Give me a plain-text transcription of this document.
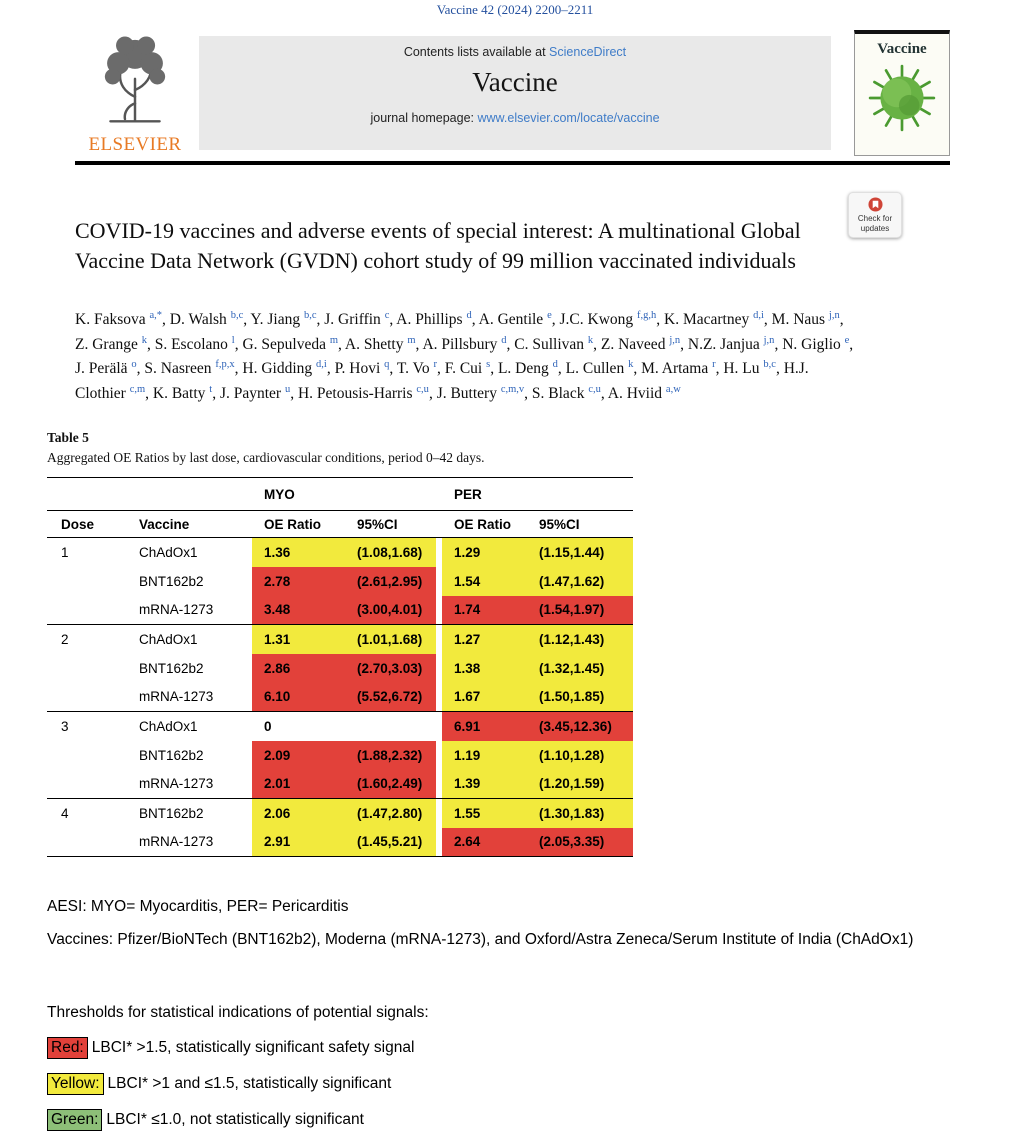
Vaccine 42 (2024) 2200–2211
ELSEVIER
Contents lists available at ScienceDirect
Vaccine
journal homepage: www.elsevier.com/locate/vaccine
Vaccine
Check for updates
COVID-19 vaccines and adverse events of special interest: A multinational Global Vaccine Data Network (GVDN) cohort study of 99 million vaccinated individuals

K. Faksova $^{a,*}$, D. Walsh $^{b,c}$, Y. Jiang $^{b,c}$, J. Griffin $^c$, A. Phillips $^d$, A. Gentile $^e$, J.C. Kwong $^{f,g,h}$, K. Macartney $^{d,i}$, M. Naus $^{j,n}$, Z. Grange $^k$, S. Escolano $^l$, G. Sepulveda $^m$, A. Shetty $^m$, A. Pillsbury $^d$, C. Sullivan $^k$, Z. Naveed $^{j,n}$, N.Z. Janjua $^{j,n}$, N. Giglio $^e$, J. Perälä $^o$, S. Nasreen $^{f,p,x}$, H. Gidding $^{d,i}$, P. Hovi $^q$, T. Vo $^r$, F. Cui $^s$, L. Deng $^d$, L. Cullen $^k$, M. Artama $^r$, H. Lu $^{b,c}$, H.J. Clothier $^{c,m}$, K. Batty $^t$, J. Paynter $^u$, H. Petousis-Harris $^{c,u}$, J. Buttery $^{c,m,v}$, S. Black $^{c,u}$, A. Hviid $^{a,w}$

Table 5
Aggregated OE Ratios by last dose, cardiovascular conditions, period 0–42 days.
		MYO			PER	
Dose	Vaccine	OE Ratio	95%CI		OE Ratio	95%CI
1	ChAdOx1	1.36	(1.08,1.68)		1.29	(1.15,1.44)
	BNT162b2	2.78	(2.61,2.95)		1.54	(1.47,1.62)
	mRNA-1273	3.48	(3.00,4.01)		1.74	(1.54,1.97)
2	ChAdOx1	1.31	(1.01,1.68)		1.27	(1.12,1.43)
	BNT162b2	2.86	(2.70,3.03)		1.38	(1.32,1.45)
	mRNA-1273	6.10	(5.52,6.72)		1.67	(1.50,1.85)
3	ChAdOx1	0			6.91	(3.45,12.36)
	BNT162b2	2.09	(1.88,2.32)		1.19	(1.10,1.28)
	mRNA-1273	2.01	(1.60,2.49)		1.39	(1.20,1.59)
4	BNT162b2	2.06	(1.47,2.80)		1.55	(1.30,1.83)
	mRNA-1273	2.91	(1.45,5.21)		2.64	(2.05,3.35)
AESI: MYO= Myocarditis, PER= Pericarditis
Vaccines: Pfizer/BioNTech (BNT162b2), Moderna (mRNA-1273), and Oxford/Astra Zeneca/Serum Institute of India (ChAdOx1)
Thresholds for statistical indications of potential signals:
Red: LBCI* >1.5, statistically significant safety signal
Yellow: LBCI* >1 and ≤1.5, statistically significant
Green: LBCI* ≤1.0, not statistically significant
